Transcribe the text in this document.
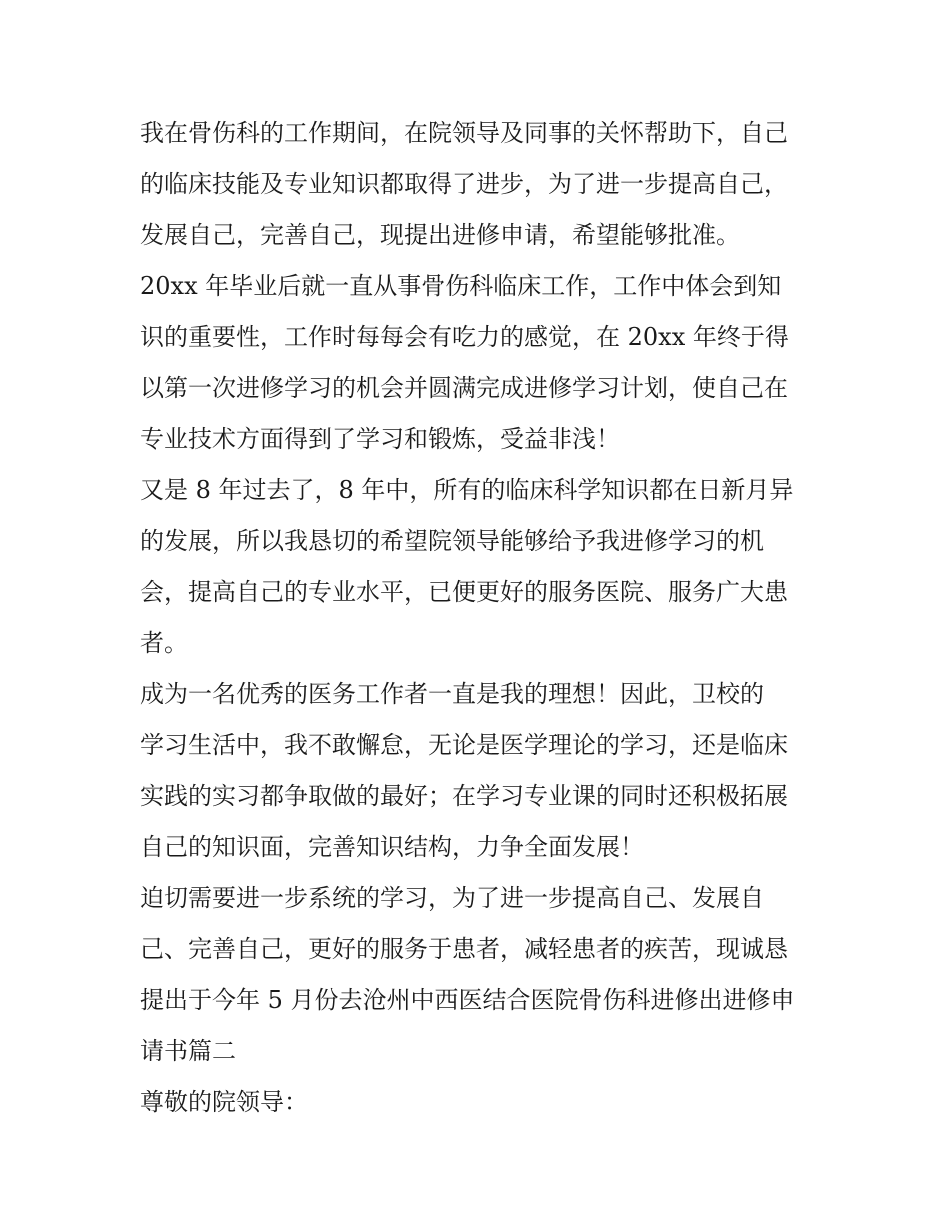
我在骨伤科的工作期间，在院领导及同事的关怀帮助下，自己
的临床技能及专业知识都取得了进步，为了进一步提高自己，
发展自己，完善自己，现提出进修申请，希望能够批准。
20xx 年毕业后就一直从事骨伤科临床工作，工作中体会到知
识的重要性，工作时每每会有吃力的感觉，在 20xx 年终于得
以第一次进修学习的机会并圆满完成进修学习计划，使自己在
专业技术方面得到了学习和锻炼，受益非浅！
又是 8 年过去了，8 年中，所有的临床科学知识都在日新月异
的发展，所以我恳切的希望院领导能够给予我进修学习的机
会，提高自己的专业水平，已便更好的服务医院、服务广大患
者。
成为一名优秀的医务工作者一直是我的理想！因此，卫校的
学习生活中，我不敢懈怠，无论是医学理论的学习，还是临床
实践的实习都争取做的最好；在学习专业课的同时还积极拓展
自己的知识面，完善知识结构，力争全面发展！
迫切需要进一步系统的学习，为了进一步提高自己、发展自
己、完善自己，更好的服务于患者，减轻患者的疾苦，现诚恳
提出于今年 5 月份去沧州中西医结合医院骨伤科进修出进修申
请书篇二
尊敬的院领导：
